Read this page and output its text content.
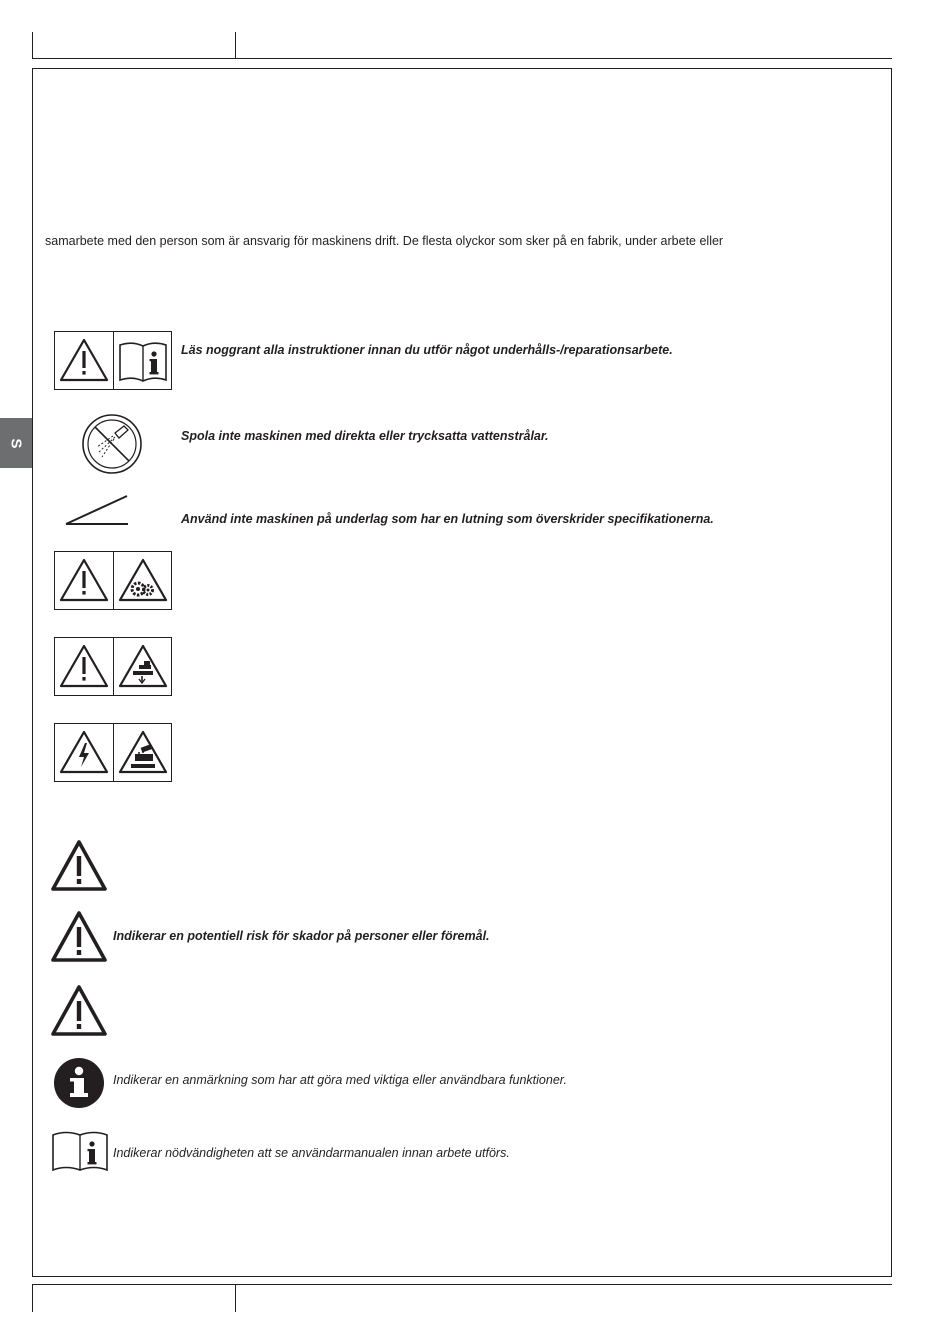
S
samarbete med den person som är ansvarig för maskinens drift. De flesta olyckor som sker på en fabrik, under arbete eller
Läs noggrant alla instruktioner innan du utför något underhålls-/reparationsarbete.
Spola inte maskinen med direkta eller trycksatta vattenstrålar.
Använd inte maskinen på underlag som har en lutning som överskrider specifikationerna.
Indikerar en potentiell risk för skador på personer eller föremål.
Indikerar en anmärkning som har att göra med viktiga eller användbara funktioner.
Indikerar nödvändigheten att se användarmanualen innan arbete utförs.
